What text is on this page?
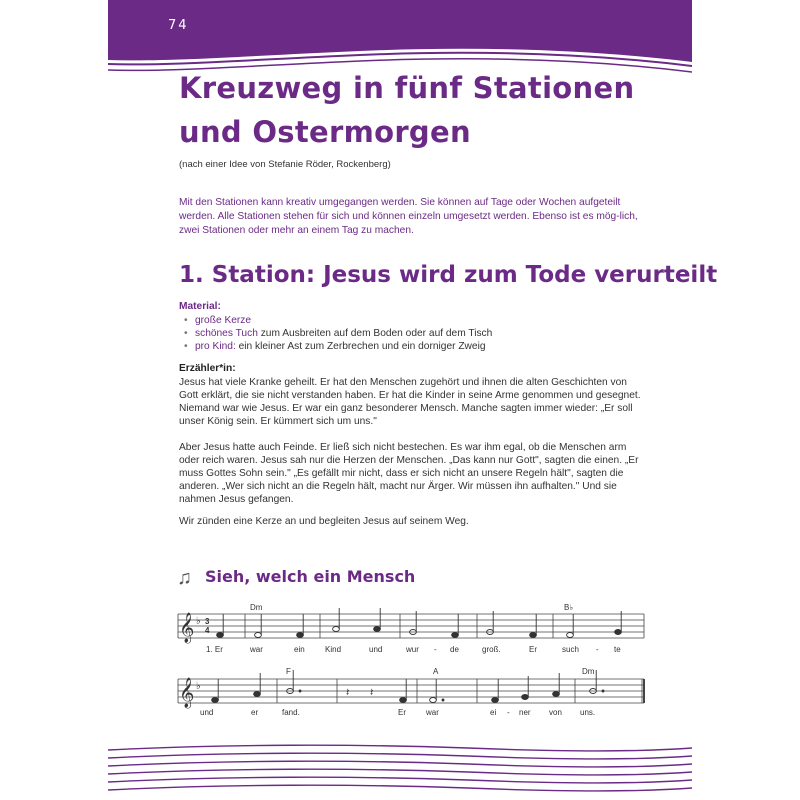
74
Kreuzweg in fünf Stationen
und Ostermorgen
(nach einer Idee von Stefanie Röder, Rockenberg)
Mit den Stationen kann kreativ umgegangen werden. Sie können auf Tage oder Wochen aufgeteilt werden. Alle Stationen stehen für sich und können einzeln umgesetzt werden. Ebenso ist es mög-lich, zwei Stationen oder mehr an einem Tag zu machen.
1. Station: Jesus wird zum Tode verurteilt
Material:
• große Kerze
• schönes Tuch zum Ausbreiten auf dem Boden oder auf dem Tisch
• pro Kind: ein kleiner Ast zum Zerbrechen und ein dorniger Zweig
Erzähler*in:

Jesus hat viele Kranke geheilt. Er hat den Menschen zugehört und ihnen die alten Geschichten von Gott erklärt, die sie nicht verstanden haben. Er hat die Kinder in seine Arme genommen und gesegnet. Niemand war wie Jesus. Er war ein ganz besonderer Mensch. Manche sagten immer wieder: „Er soll unser König sein. Er kümmert sich um uns."

Aber Jesus hatte auch Feinde. Er ließ sich nicht bestechen. Es war ihm egal, ob die Menschen arm oder reich waren. Jesus sah nur die Herzen der Menschen. „Das kann nur Gott", sagten die einen. „Er muss Gottes Sohn sein." „Es gefällt mir nicht, dass er sich nicht an unsere Regeln hält", sagten die anderen. „Wer sich nicht an die Regeln hält, macht nur Ärger. Wir müssen ihn aufhalten." Und sie nahmen Jesus gefangen.

Wir zünden eine Kerze an und begleiten Jesus auf seinem Weg.

♫ Sieh, welch ein Mensch
𝄞 ♭ 3
4
Dm	B♭
1. Er	war	ein	Kind	und	wur - de	groß.	Er	such - te
𝄞 ♭
𝄽 𝄽
F	A	Dm
und	er	fand.	Er	war	ei - ner von uns.
